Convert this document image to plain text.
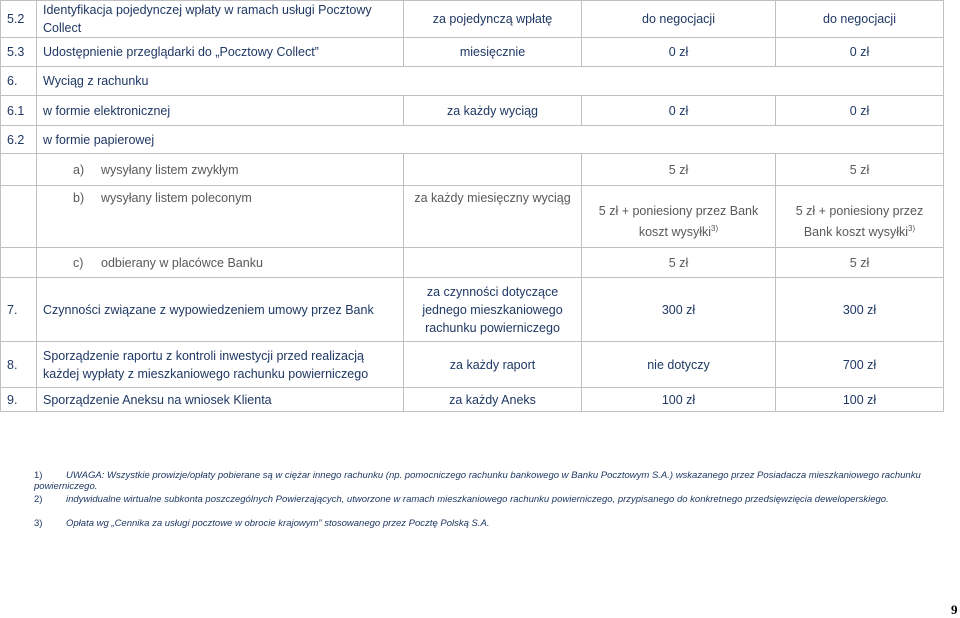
5.2	Identyfikacja pojedynczej wpłaty w ramach usługi Pocztowy Collect	za pojedynczą wpłatę	do negocjacji	do negocjacji
5.3	Udostępnienie przeglądarki do „Pocztowy Collect”	miesięcznie	0 zł	0 zł
6.	Wyciąg z rachunku			
6.1	w formie elektronicznej	za każdy wyciąg	0 zł	0 zł
6.2	w formie papierowej			

	a) wysyłany listem zwykłym		5 zł	5 zł

	b) wysyłany listem poleconym	za każdy miesięczny wyciąg	5 zł + poniesiony przez Bank koszt wysyłki$^{3)}$	5 zł + poniesiony przez Bank koszt wysyłki$^{3)}$

	c) odbierany w placówce Banku		5 zł	5 zł
7.	Czynności związane z wypowiedzeniem umowy przez Bank	za czynności dotyczące jednego mieszkaniowego rachunku powierniczego	300 zł	300 zł
8.	Sporządzenie raportu z kontroli inwestycji przed realizacją każdej wypłaty z mieszkaniowego rachunku powierniczego	za każdy raport	nie dotyczy	700 zł
9.	Sporządzenie Aneksu na wniosek Klienta	za każdy Aneks	100 zł	100 zł
1) UWAGA: Wszystkie prowizje/opłaty pobierane są w ciężar innego rachunku (np. pomocniczego rachunku bankowego w Banku Pocztowym S.A.) wskazanego przez Posiadacza mieszkaniowego rachunku powierniczego.
2) indywidualne wirtualne subkonta poszczególnych Powierzających, utworzone w ramach mieszkaniowego rachunku powierniczego, przypisanego do konkretnego przedsięwzięcia deweloperskiego.
3) Opłata wg „Cennika za usługi pocztowe w obrocie krajowym” stosowanego przez Pocztę Polską S.A.
9
